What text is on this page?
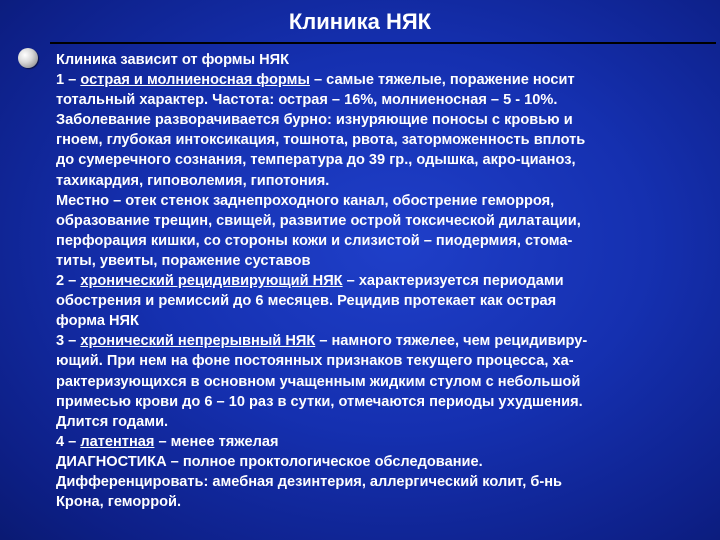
Клиника НЯК
Клиника зависит от формы НЯК
1 – острая и молниеносная формы – самые тяжелые, поражение носит
тотальный характер. Частота: острая – 16%, молниеносная – 5 - 10%.
Заболевание разворачивается бурно: изнуряющие поносы с кровью и
гноем, глубокая интоксикация, тошнота, рвота, заторможенность вплоть
до сумеречного сознания, температура до 39 гр., одышка, акро-цианоз,
тахикардия, гиповолемия, гипотония.
Местно – отек стенок заднепроходного канал, обострение геморроя,
образование трещин, свищей, развитие острой токсической дилатации,
перфорация кишки, со стороны кожи и слизистой – пиодермия, стома-
титы, увеиты, поражение суставов
2 – хронический рецидивирующий НЯК – характеризуется периодами
обострения и ремиссий до 6 месяцев. Рецидив протекает как острая
форма НЯК
3 – хронический непрерывный НЯК – намного тяжелее, чем рецидивиру-
ющий. При нем на фоне постоянных признаков текущего процесса, ха-
рактеризующихся в основном учащенным жидким стулом с небольшой
примесью крови до 6 – 10 раз в сутки, отмечаются периоды ухудшения.
Длится годами.
4 – латентная – менее тяжелая
ДИАГНОСТИКА – полное проктологическое обследование.
Дифференцировать: амебная дезинтерия, аллергический колит, б-нь
Крона, геморрой.
